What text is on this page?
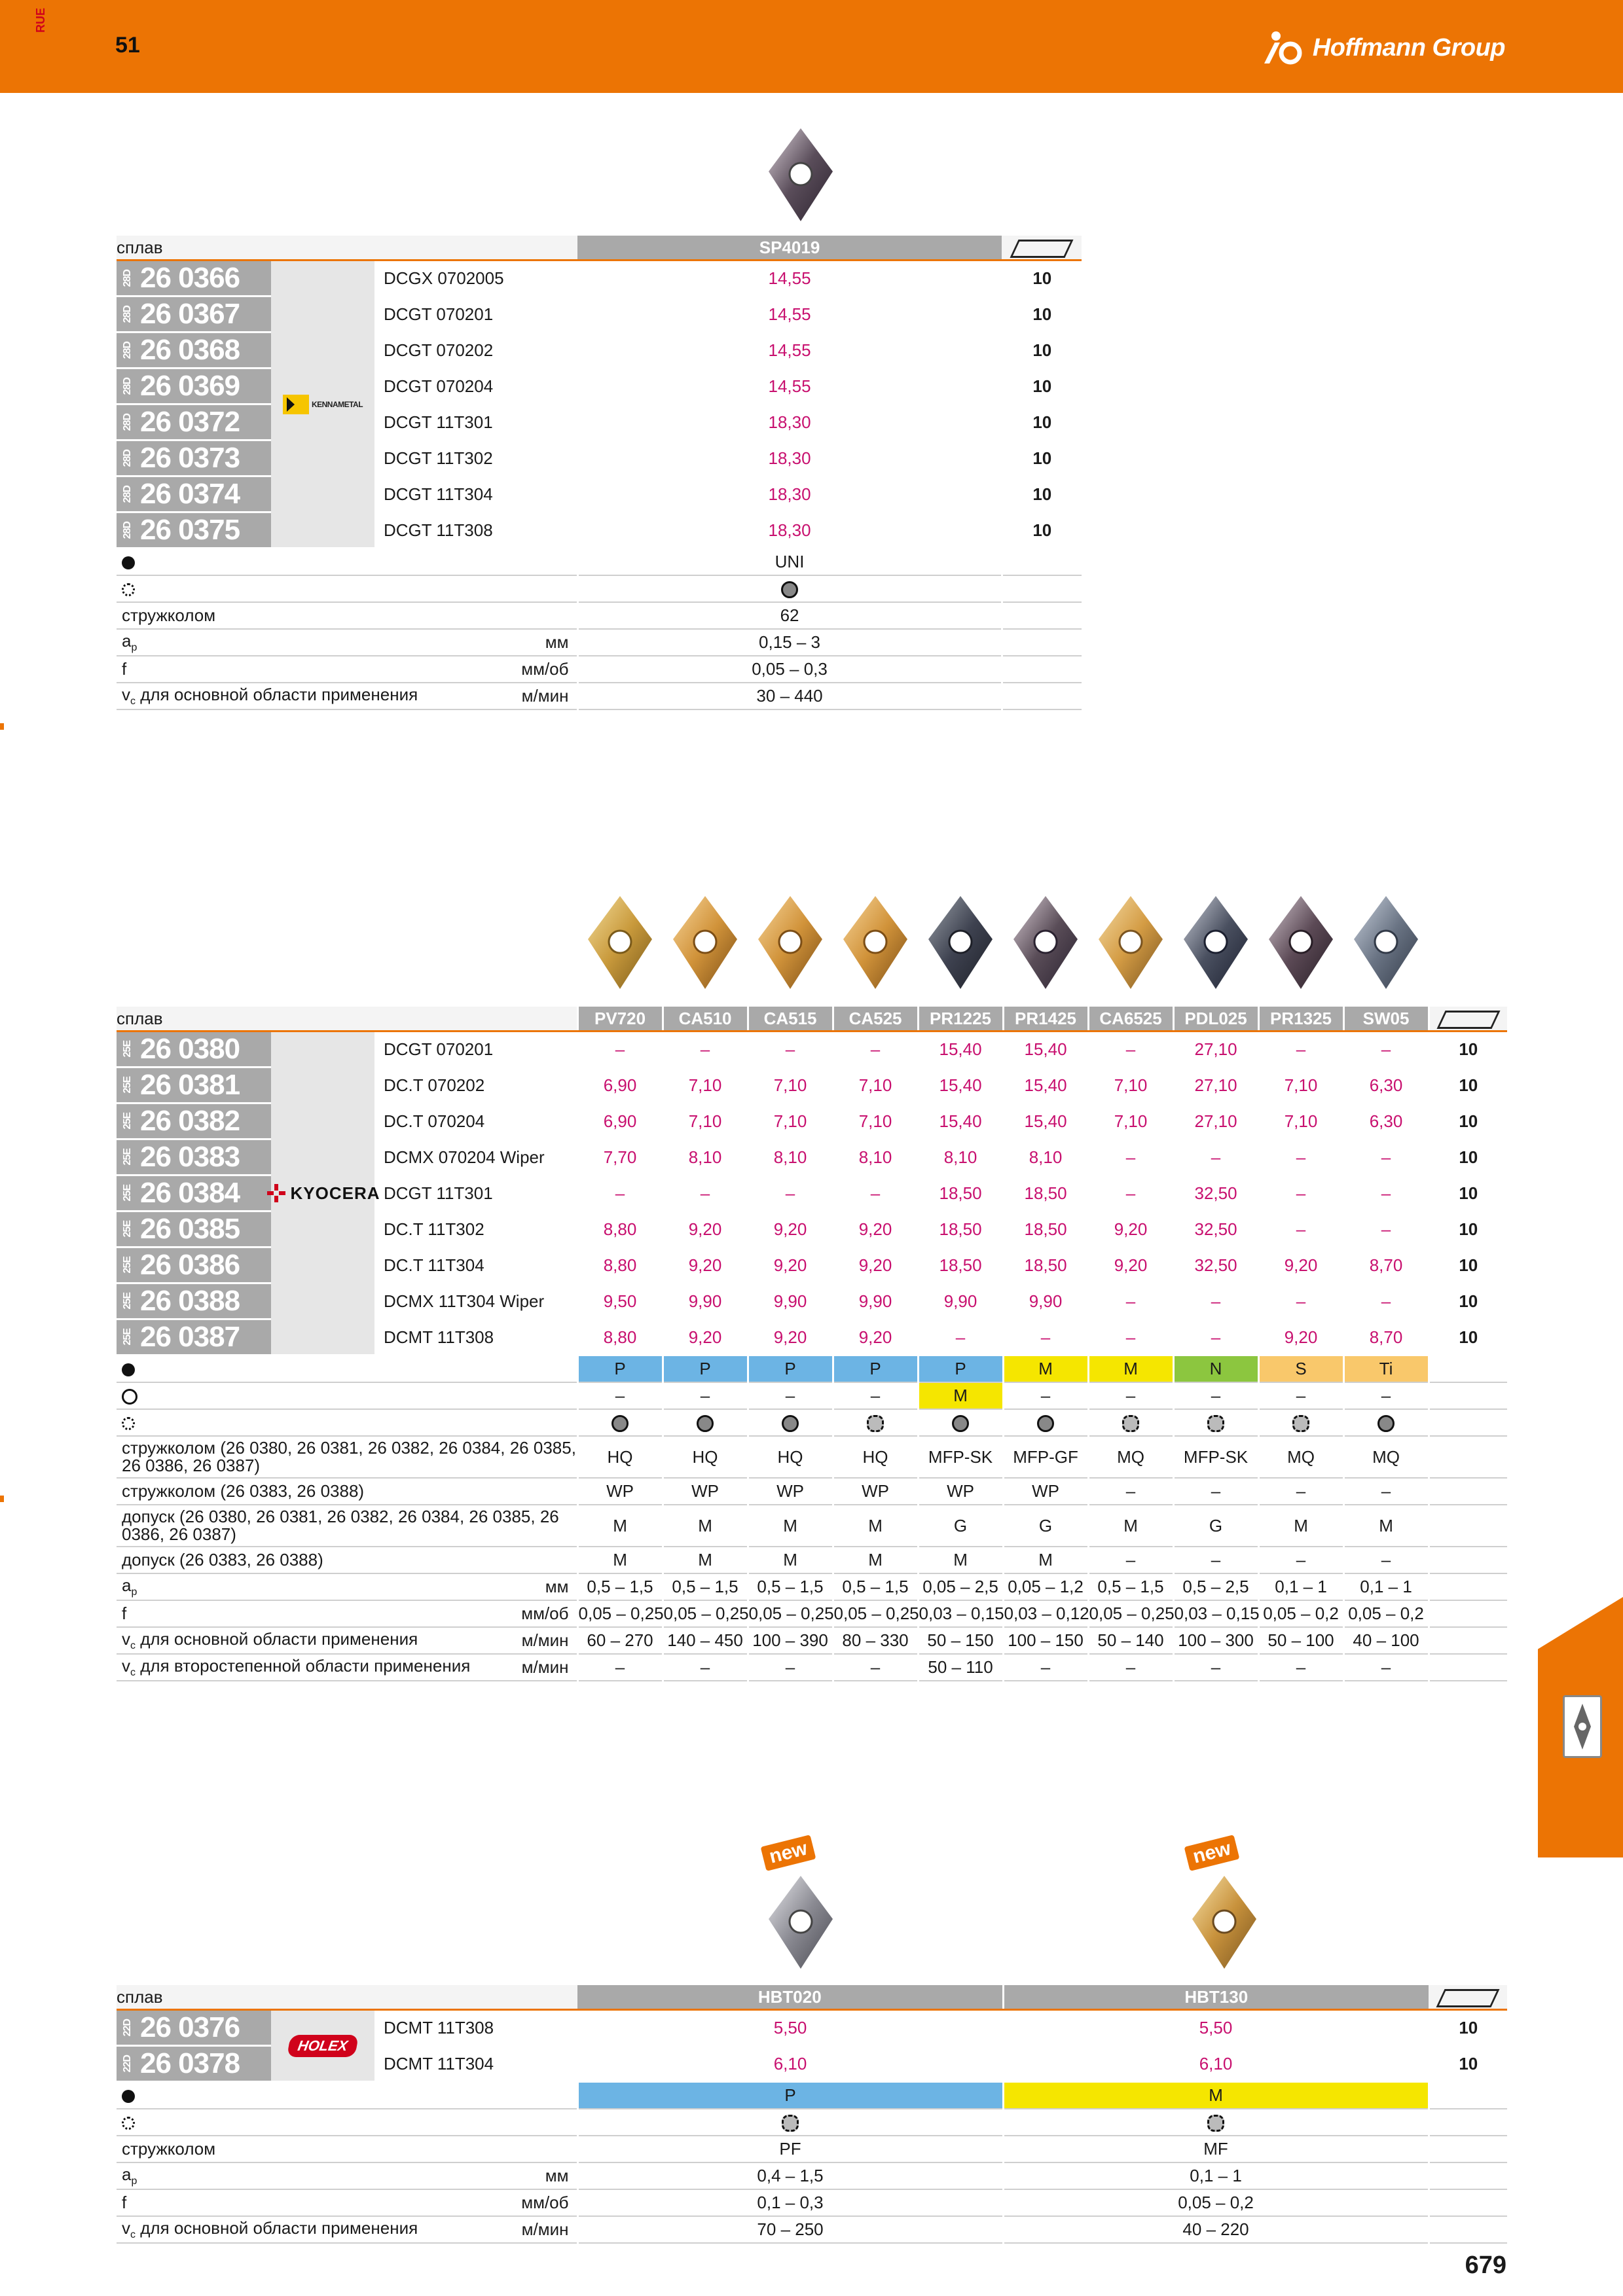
RUE
51	Hoffmann Group
сплав			SP4019	

28D 26 0366	KENNAMETAL	DCGX 0702005	14,55	10

28D 26 0367		DCGT 070201	14,55	10

28D 26 0368		DCGT 070202	14,55	10

28D 26 0369		DCGT 070204	14,55	10

28D 26 0372		DCGT 11T301	18,30	10

28D 26 0373		DCGT 11T302	18,30	10

28D 26 0374		DCGT 11T304	18,30	10

28D 26 0375		DCGT 11T308	18,30	10
			UNI	

стружколом			62	
$a_p$		мм	0,15 – 3	
f		мм/об	0,05 – 0,3	
$v_c$ для основной области применения		м/мин	30 – 440	
сплав			PV720	CA510	CA515	CA525	PR1225	PR1425	CA6525	PDL025	PR1325	SW05	

25E 26 0380	KYOCERA	DCGT 070201	–	–	–	–	15,40	15,40	–	27,10	–	–	10

25E 26 0381		DC.T 070202	6,90	7,10	7,10	7,10	15,40	15,40	7,10	27,10	7,10	6,30	10

25E 26 0382		DC.T 070204	6,90	7,10	7,10	7,10	15,40	15,40	7,10	27,10	7,10	6,30	10

25E 26 0383		DCMX 070204 Wiper	7,70	8,10	8,10	8,10	8,10	8,10	–	–	–	–	10

25E 26 0384		DCGT 11T301	–	–	–	–	18,50	18,50	–	32,50	–	–	10

25E 26 0385		DC.T 11T302	8,80	9,20	9,20	9,20	18,50	18,50	9,20	32,50	–	–	10

25E 26 0386		DC.T 11T304	8,80	9,20	9,20	9,20	18,50	18,50	9,20	32,50	9,20	8,70	10

25E 26 0388		DCMX 11T304 Wiper	9,50	9,90	9,90	9,90	9,90	9,90	–	–	–	–	10

25E 26 0387		DCMT 11T308	8,80	9,20	9,20	9,20	–	–	–	–	9,20	8,70	10
			P	P	P	P	P	M	M	N	S	Ti	
			–	–	–	–	M	–	–	–	–	–	

стружколом (26 0380, 26 0381, 26 0382, 26 0384, 26 0385, 26 0386, 26 0387)			HQ	HQ	HQ	HQ	MFP-SK	MFP-GF	MQ	MFP-SK	MQ	MQ	
стружколом (26 0383, 26 0388)			WP	WP	WP	WP	WP	WP	–	–	–	–	
допуск (26 0380, 26 0381, 26 0382, 26 0384, 26 0385, 26 0386, 26 0387)			M	M	M	M	G	G	M	G	M	M	
допуск (26 0383, 26 0388)			M	M	M	M	M	M	–	–	–	–	
$a_p$		мм	0,5 – 1,5	0,5 – 1,5	0,5 – 1,5	0,5 – 1,5	0,05 – 2,5	0,05 – 1,2	0,5 – 1,5	0,5 – 2,5	0,1 – 1	0,1 – 1	
f		мм/об	0,05 – 0,25	0,05 – 0,25	0,05 – 0,25	0,05 – 0,25	0,03 – 0,15	0,03 – 0,12	0,05 – 0,25	0,03 – 0,15	0,05 – 0,2	0,05 – 0,2	
$v_c$ для основной области применения		м/мин	60 – 270	140 – 450	100 – 390	80 – 330	50 – 150	100 – 150	50 – 140	100 – 300	50 – 100	40 – 100	
$v_c$ для второстепенной области применения		м/мин	–	–	–	–	50 – 110	–	–	–	–	–	
new	new
сплав			HBT020	HBT130	

22D 26 0376	HOLEX	DCMT 11T308	5,50	5,50	10

22D 26 0378		DCMT 11T304	6,10	6,10	10
			P	M	

стружколом			PF	MF	
$a_p$		мм	0,4 – 1,5	0,1 – 1	
f		мм/об	0,1 – 0,3	0,05 – 0,2	
$v_c$ для основной области применения		м/мин	70 – 250	40 – 220	
679
